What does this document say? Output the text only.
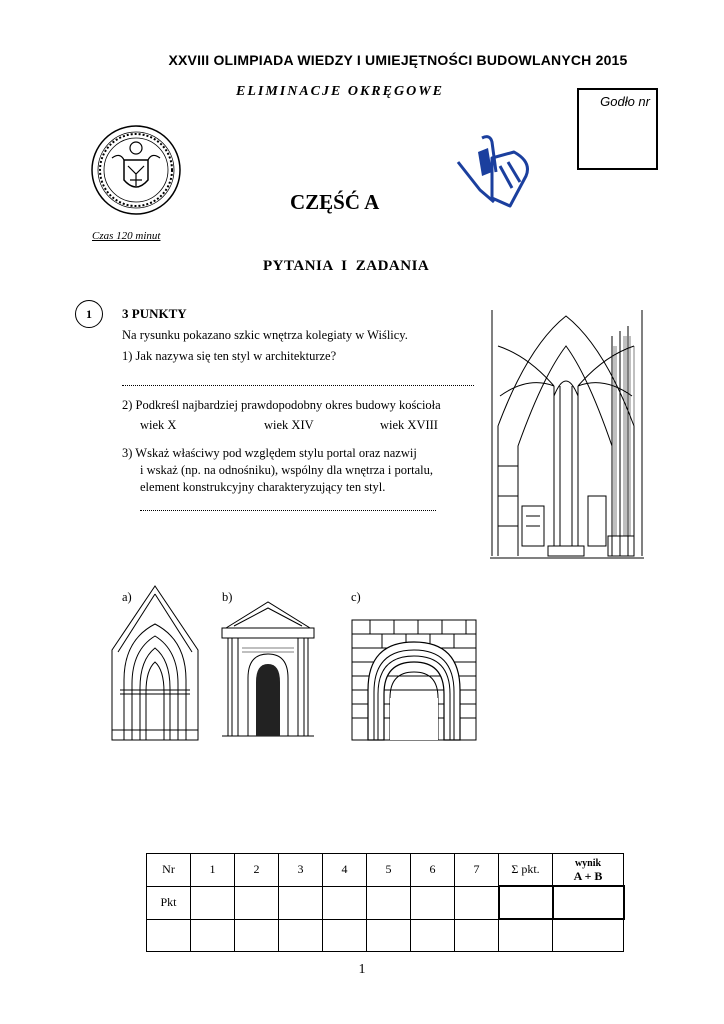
XXVIII OLIMPIADA WIEDZY I UMIEJĘTNOŚCI BUDOWLANYCH 2015
ELIMINACJE OKRĘGOWE
Godło nr
CZĘŚĆ A
Czas 120 minut
PYTANIA I ZADANIA
1	3 PUNKTY
Na rysunku pokazano szkic wnętrza kolegiaty w Wiślicy.
1) Jak nazywa się ten styl w architekturze?
2) Podkreśl najbardziej prawdopodobny okres budowy kościoła
wiek X	wiek XIV	wiek XVIII
3) Wskaż właściwy pod względem stylu portal oraz nazwij
i wskaż (np. na odnośniku), wspólny dla wnętrza i portalu,
element konstrukcyjny charakteryzujący ten styl.
a)	b)	c)
Nr	1	2	3	4	5	6	7	Σ pkt.	wynik
A + B

Pkt									

1
